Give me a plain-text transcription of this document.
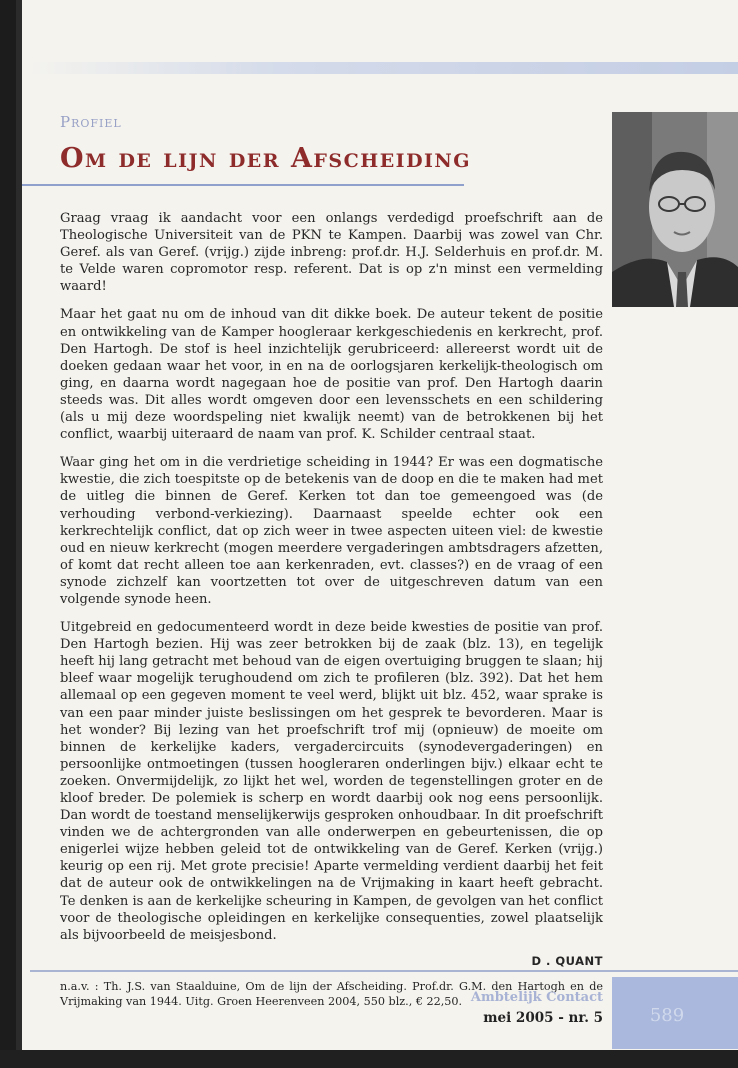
Profiel
Om de lijn der Afscheiding

Graag vraag ik aandacht voor een onlangs verdedigd proefschrift aan de Theologische Universiteit van de PKN te Kampen. Daarbij was zowel van Chr. Geref. als van Geref. (vrijg.) zijde inbreng: prof.dr. H.J. Selderhuis en prof.dr. M. te Velde waren copromotor resp. referent. Dat is op z'n minst een vermelding waard!

Maar het gaat nu om de inhoud van dit dikke boek. De auteur tekent de positie en ontwikkeling van de Kamper hoogleraar kerkgeschiedenis en kerkrecht, prof. Den Hartogh. De stof is heel inzichtelijk gerubriceerd: allereerst wordt uit de doeken gedaan waar het voor, in en na de oorlogsjaren kerkelijk-theologisch om ging, en daarna wordt nagegaan hoe de positie van prof. Den Hartogh daarin steeds was. Dit alles wordt omgeven door een levensschets en een schildering (als u mij deze woordspeling niet kwalijk neemt) van de betrokkenen bij het conflict, waarbij uiteraard de naam van prof. K. Schilder centraal staat.

Waar ging het om in die verdrietige scheiding in 1944? Er was een dogmatische kwestie, die zich toespitste op de betekenis van de doop en die te maken had met de uitleg die binnen de Geref. Kerken tot dan toe gemeengoed was (de verhouding verbond-verkiezing). Daarnaast speelde echter ook een kerkrechtelijk conflict, dat op zich weer in twee aspecten uiteen viel: de kwestie oud en nieuw kerkrecht (mogen meerdere vergaderingen ambtsdragers afzetten, of komt dat recht alleen toe aan kerkenraden, evt. classes?) en de vraag of een synode zichzelf kan voortzetten tot over de uitgeschreven datum van een volgende synode heen.

Uitgebreid en gedocumenteerd wordt in deze beide kwesties de positie van prof. Den Hartogh bezien. Hij was zeer betrokken bij de zaak (blz. 13), en tegelijk heeft hij lang getracht met behoud van de eigen overtuiging bruggen te slaan; hij bleef waar mogelijk terughoudend om zich te profileren (blz. 392). Dat het hem allemaal op een gegeven moment te veel werd, blijkt uit blz. 452, waar sprake is van een paar minder juiste beslissingen om het gesprek te bevorderen. Maar is het wonder? Bij lezing van het proefschrift trof mij (opnieuw) de moeite om binnen de kerkelijke kaders, vergadercircuits (synodevergaderingen) en persoonlijke ontmoetingen (tussen hoogleraren onderlingen bijv.) elkaar echt te zoeken. Onvermijdelijk, zo lijkt het wel, worden de tegenstellingen groter en de kloof breder. De polemiek is scherp en wordt daarbij ook nog eens persoonlijk. Dan wordt de toestand menselijkerwijs gesproken onhoudbaar. In dit proefschrift vinden we de achtergronden van alle onderwerpen en gebeurtenissen, die op enigerlei wijze hebben geleid tot de ontwikkeling van de Geref. Kerken (vrijg.) keurig op een rij. Met grote precisie! Aparte vermelding verdient daarbij het feit dat de auteur ook de ontwikkelingen na de Vrijmaking in kaart heeft gebracht. Te denken is aan de kerkelijke scheuring in Kampen, de gevolgen van het conflict voor de theologische opleidingen en kerkelijke consequenties, zowel plaatselijk als bijvoorbeeld de meisjesbond.

D . QUANT
n.a.v. : Th. J.S. van Staalduine, Om de lijn der Afscheiding. Prof.dr. G.M. den Hartogh en de Vrijmaking van 1944. Uitg. Groen Heerenveen 2004, 550 blz., € 22,50. Ambtelijk Contact
mei 2005 - nr. 5	589
